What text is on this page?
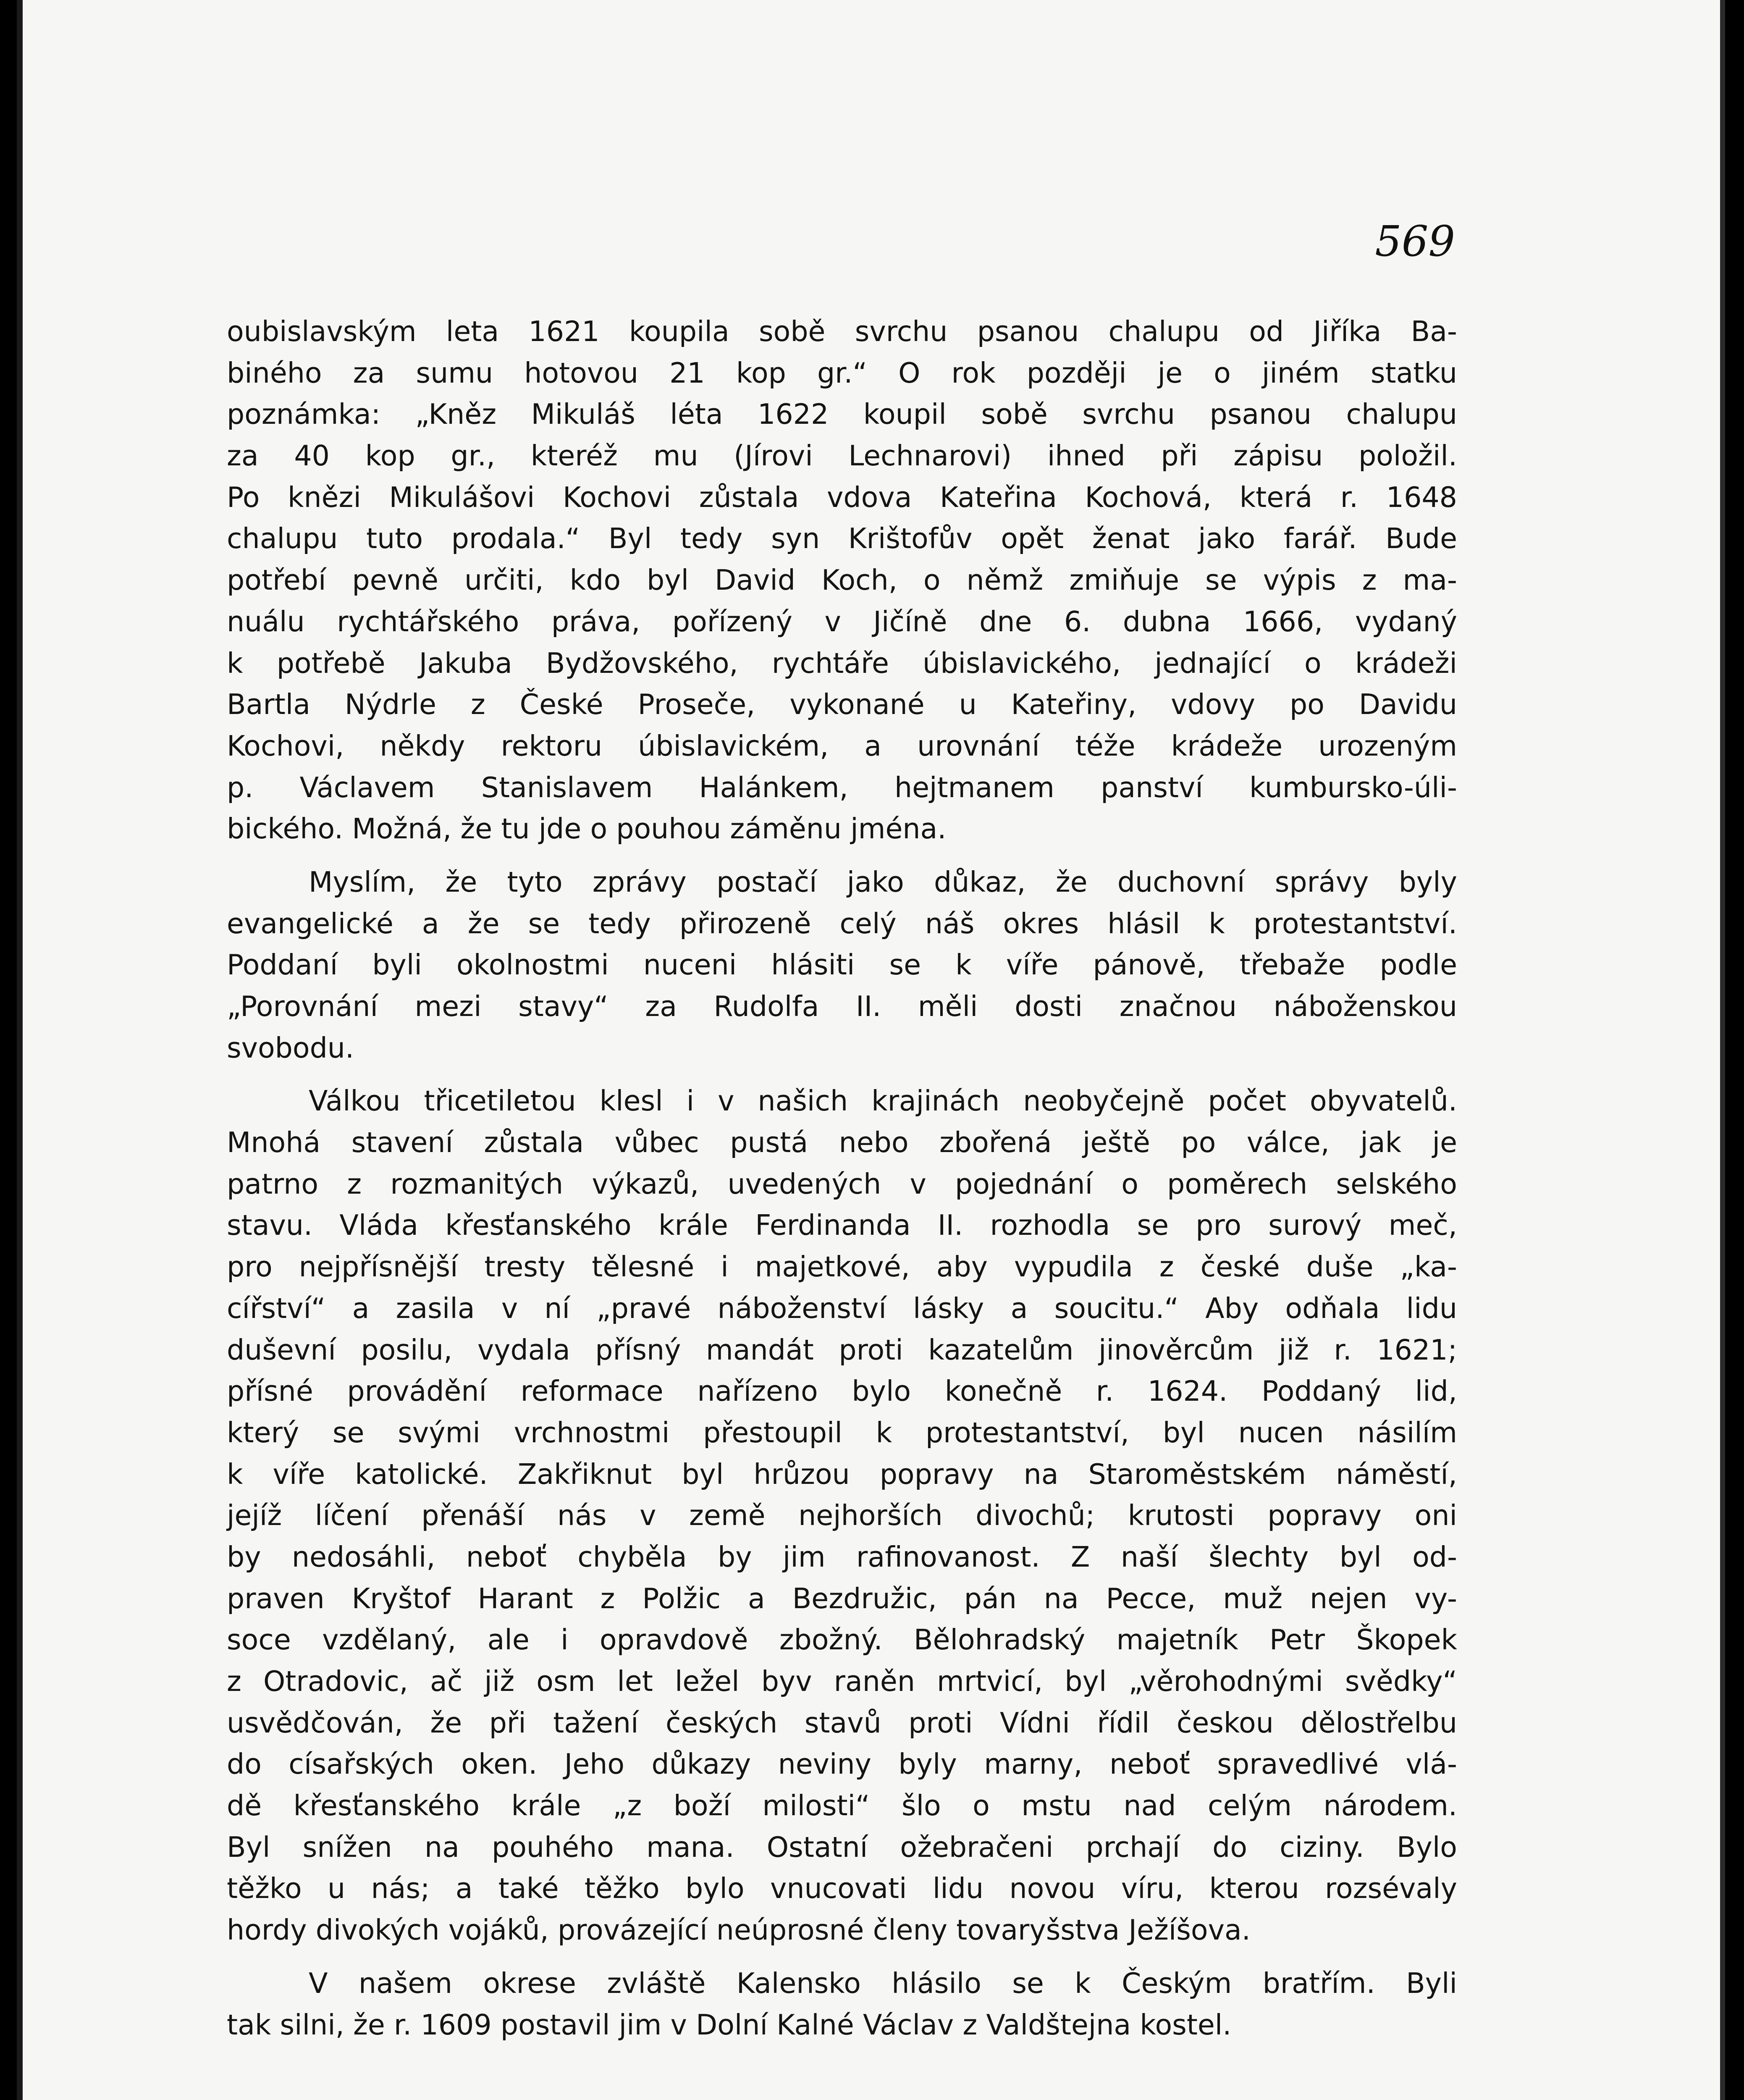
569
oubislavským leta 1621 koupila sobě svrchu psanou chalupu od Jiříka Ba-
biného za sumu hotovou 21 kop gr.“ O rok později je o jiném statku
poznámka: „Kněz Mikuláš léta 1622 koupil sobě svrchu psanou chalupu
za 40 kop gr., kteréž mu (Jírovi Lechnarovi) ihned při zápisu položil.
Po knězi Mikulášovi Kochovi zůstala vdova Kateřina Kochová, která r. 1648
chalupu tuto prodala.“ Byl tedy syn Krištofův opět ženat jako farář. Bude
potřebí pevně určiti, kdo byl David Koch, o němž zmiňuje se výpis z ma-
nuálu rychtářského práva, pořízený v Jičíně dne 6. dubna 1666, vydaný
k potřebě Jakuba Bydžovského, rychtáře úbislavického, jednající o krádeži
Bartla Nýdrle z České Proseče, vykonané u Kateřiny, vdovy po Davidu
Kochovi, někdy rektoru úbislavickém, a urovnání téže krádeže urozeným
p. Václavem Stanislavem Halánkem, hejtmanem panství kumbursko-úli-
bického. Možná, že tu jde o pouhou záměnu jména.
Myslím, že tyto zprávy postačí jako důkaz, že duchovní správy byly
evangelické a že se tedy přirozeně celý náš okres hlásil k protestantství.
Poddaní byli okolnostmi nuceni hlásiti se k víře pánově, třebaže podle
„Porovnání mezi stavy“ za Rudolfa II. měli dosti značnou náboženskou
svobodu.
Válkou třicetiletou klesl i v našich krajinách neobyčejně počet obyvatelů.
Mnohá stavení zůstala vůbec pustá nebo zbořená ještě po válce, jak je
patrno z rozmanitých výkazů, uvedených v pojednání o poměrech selského
stavu. Vláda křesťanského krále Ferdinanda II. rozhodla se pro surový meč,
pro nejpřísnější tresty tělesné i majetkové, aby vypudila z české duše „ka-
cířství“ a zasila v ní „pravé náboženství lásky a soucitu.“ Aby odňala lidu
duševní posilu, vydala přísný mandát proti kazatelům jinověrcům již r. 1621;
přísné provádění reformace nařízeno bylo konečně r. 1624. Poddaný lid,
který se svými vrchnostmi přestoupil k protestantství, byl nucen násilím
k víře katolické. Zakřiknut byl hrůzou popravy na Staroměstském náměstí,
jejíž líčení přenáší nás v země nejhorších divochů; krutosti popravy oni
by nedosáhli, neboť chyběla by jim rafinovanost. Z naší šlechty byl od-
praven Kryštof Harant z Polžic a Bezdružic, pán na Pecce, muž nejen vy-
soce vzdělaný, ale i opravdově zbožný. Bělohradský majetník Petr Škopek
z Otradovic, ač již osm let ležel byv raněn mrtvicí, byl „věrohodnými svědky“
usvědčován, že při tažení českých stavů proti Vídni řídil českou dělostřelbu
do císařských oken. Jeho důkazy neviny byly marny, neboť spravedlivé vlá-
dě křesťanského krále „z boží milosti“ šlo o mstu nad celým národem.
Byl snížen na pouhého mana. Ostatní ožebračeni prchají do ciziny. Bylo
těžko u nás; a také těžko bylo vnucovati lidu novou víru, kterou rozsévaly
hordy divokých vojáků, provázející neúprosné členy tovaryšstva Ježíšova.
V našem okrese zvláště Kalensko hlásilo se k Českým bratřím. Byli
tak silni, že r. 1609 postavil jim v Dolní Kalné Václav z Valdštejna kostel.
